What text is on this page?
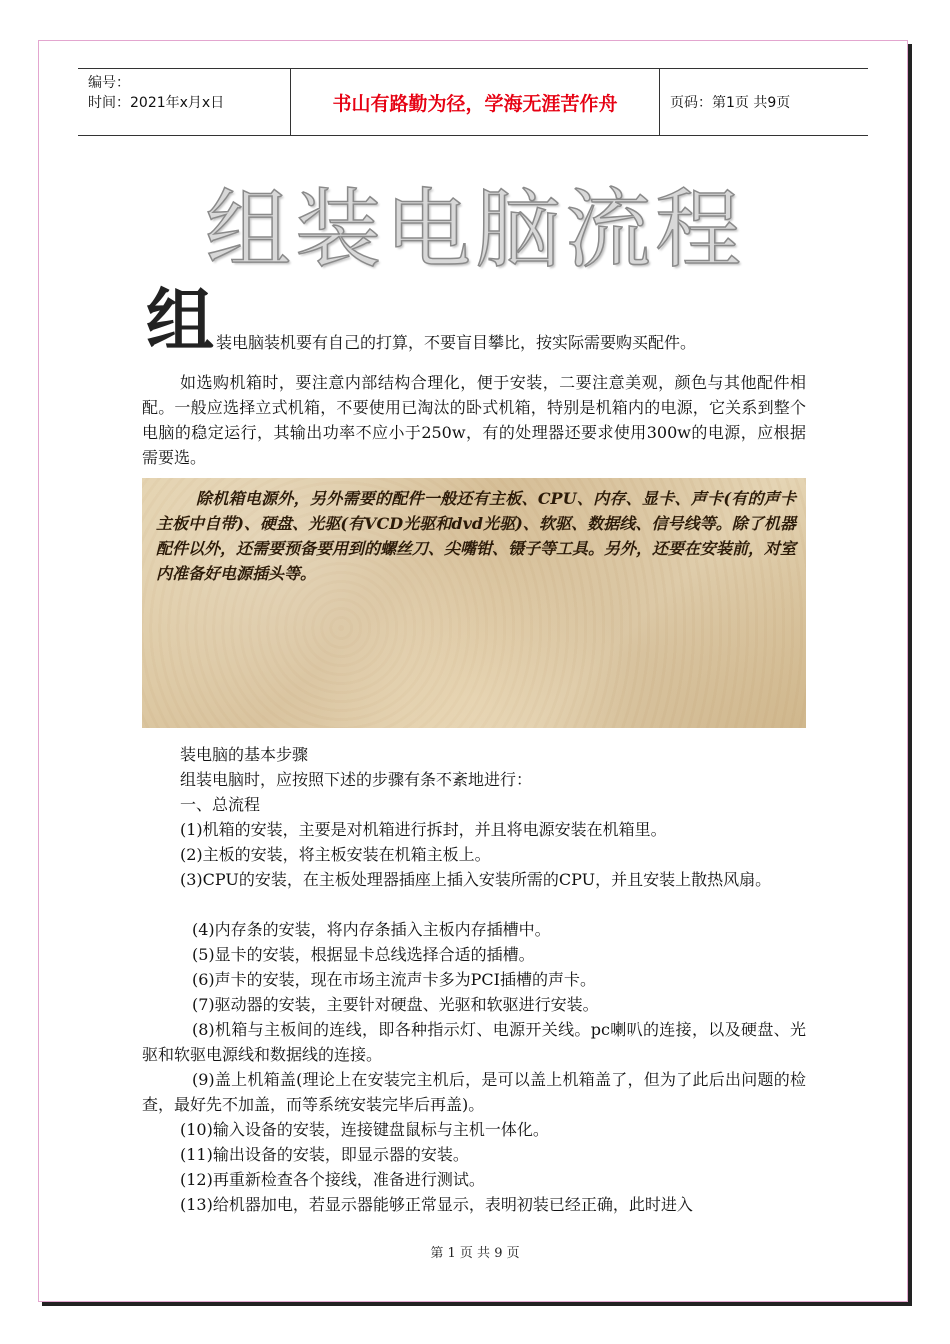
编号：
时间：2021年x月x日	书山有路勤为径，学海无涯苦作舟	页码：第1页 共9页
组装电脑流程
组 装电脑装机要有自己的打算，不要盲目攀比，按实际需要购买配件。
如选购机箱时，要注意内部结构合理化，便于安装，二要注意美观，颜色与其他配件相配。一般应选择立式机箱，不要使用已淘汰的卧式机箱，特别是机箱内的电源，它关系到整个电脑的稳定运行，其输出功率不应小于250w，有的处理器还要求使用300w的电源，应根据需要选。
除机箱电源外，另外需要的配件一般还有主板、CPU、内存、显卡、声卡(有的声卡主板中自带)、硬盘、光驱(有VCD光驱和dvd光驱)、软驱、数据线、信号线等。除了机器配件以外，还需要预备要用到的螺丝刀、尖嘴钳、镊子等工具。另外，还要在安装前，对室内准备好电源插头等。
装电脑的基本步骤
组装电脑时，应按照下述的步骤有条不紊地进行：
一、总流程
(1)机箱的安装，主要是对机箱进行拆封，并且将电源安装在机箱里。
(2)主板的安装，将主板安装在机箱主板上。
(3)CPU的安装，在主板处理器插座上插入安装所需的CPU，并且安装上散热风扇。
(4)内存条的安装，将内存条插入主板内存插槽中。
(5)显卡的安装，根据显卡总线选择合适的插槽。
(6)声卡的安装，现在市场主流声卡多为PCI插槽的声卡。
(7)驱动器的安装，主要针对硬盘、光驱和软驱进行安装。
(8)机箱与主板间的连线，即各种指示灯、电源开关线。pc喇叭的连接，以及硬盘、光驱和软驱电源线和数据线的连接。
(9)盖上机箱盖(理论上在安装完主机后，是可以盖上机箱盖了，但为了此后出问题的检查，最好先不加盖，而等系统安装完毕后再盖)。
(10)输入设备的安装，连接键盘鼠标与主机一体化。
(11)输出设备的安装，即显示器的安装。
(12)再重新检查各个接线，准备进行测试。
(13)给机器加电，若显示器能够正常显示，表明初装已经正确，此时进入
第 1 页 共 9 页
